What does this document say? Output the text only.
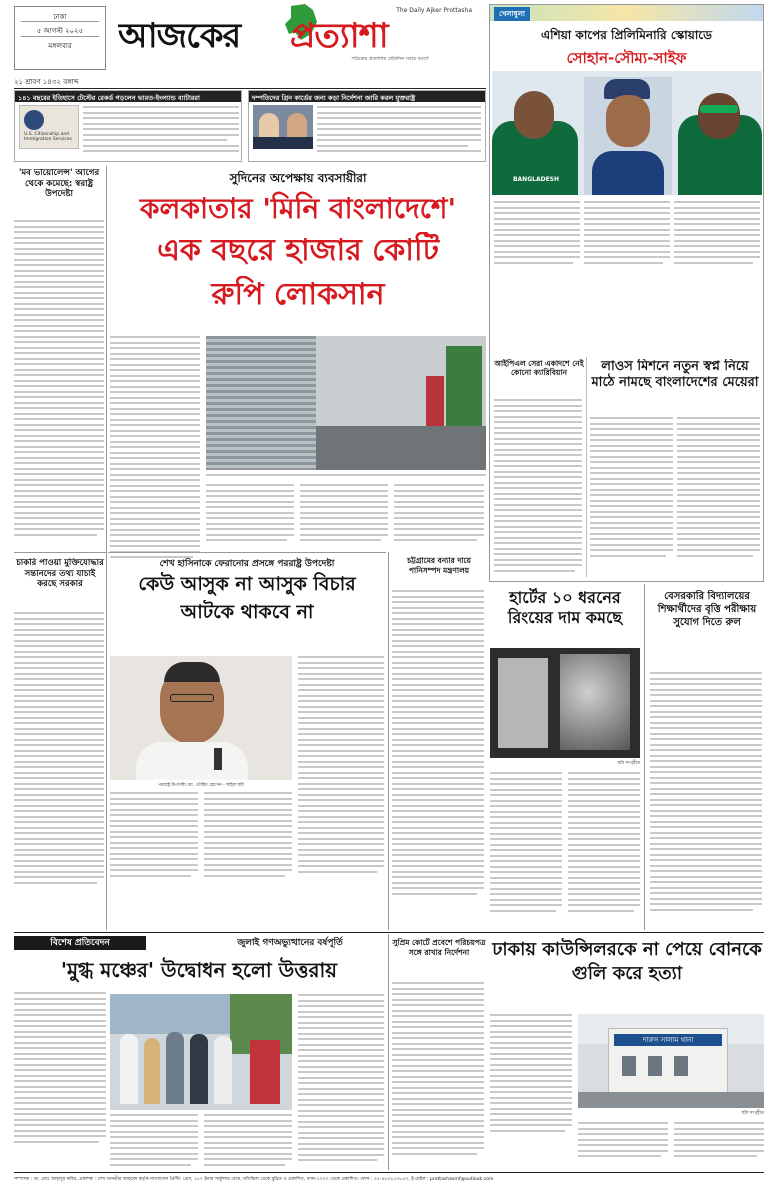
ঢাকা
৫ আগস্ট ২০২৫
মঙ্গলবার
২১ শ্রাবণ ১৪৩২ বঙ্গাব্দ
আজকের প্রত্যাশা
The Daily Ajker Prottasha
পাঠকের প্রত্যাশায় প্রতিদিন সবার আগে
১৪১ বছরের ইতিহাসে টেস্টের রেকর্ড গড়লেন ভারত-ইংল্যান্ড ব্যাটাররা
U.S. Citizenship and Immigration Services
দম্পতিদের গ্রিন কার্ডের জন্য কড়া নির্দেশনা জারি করল যুক্তরাষ্ট্র
খেলাধুলা
এশিয়া কাপের প্রিলিমিনারি স্কোয়াডে
সোহান-সৌম্য-সাইফ
BANGLADESH
আইপিএল সেরা একাদশে নেই কোনো ক্যারিবিয়ান	লাওস মিশনে নতুন স্বপ্ন নিয়ে মাঠে নামছে বাংলাদেশের মেয়েরা
'মব ভায়োলেন্স' আগের থেকে কমেছে: স্বরাষ্ট্র উপদেষ্টা
চাকরি পাওয়া মুক্তিযোদ্ধার সন্তানদের তথ্য যাচাই করছে সরকার
সুদিনের অপেক্ষায় ব্যবসায়ীরা
কলকাতার 'মিনি বাংলাদেশে'
এক বছরে হাজার কোটি
রুপি লোকসান
শেখ হাসিনাকে ফেরানোর প্রসঙ্গে পররাষ্ট্র উপদেষ্টা
কেউ আসুক না আসুক বিচার
আটকে থাকবে না
পররাষ্ট্র উপদেষ্টা মো. তৌহিদ হোসেন - ফাইল ছবি
চট্টগ্রামের বন্যার দায়ে পানিসম্পদ মন্ত্রণালয়
হার্টের ১০ ধরনের রিংয়ের দাম কমছে
ছবি সংগৃহীত
বেসরকারি বিদ্যালয়ের শিক্ষার্থীদের বৃত্তি পরীক্ষায় সুযোগ দিতে রুল
বিশেষ প্রতিবেদন	জুলাই গণঅভ্যুত্থানের বর্ষপূর্তি
'মুগ্ধ মঞ্চের' উদ্বোধন হলো উত্তরায়
সুপ্রিম কোর্টে প্রবেশে পরিচয়পত্র সঙ্গে রাখার নির্দেশনা	ঢাকায় কাউন্সিলরকে না পেয়ে বোনকে গুলি করে হত্যা
দারুস সালাম থানা
ছবি সংগৃহীত
সম্পাদক : ডা. মোঃ আহাদুর কবির, প্রকাশক : শেখ তানভীর আহমেদ কর্তৃক নাগবাগান প্রিন্টিং প্রেস, ১৮৭ ইনার সার্কুলার রোড, মতিঝিল থেকে মুদ্রিত ও প্রকাশিত, ঢাকা-১০০০ থেকে প্রকাশিত। ফোন : ০২-৪৮৩২১৩৮৫০, ই-মেইল : prottashasmf@outlook.com
